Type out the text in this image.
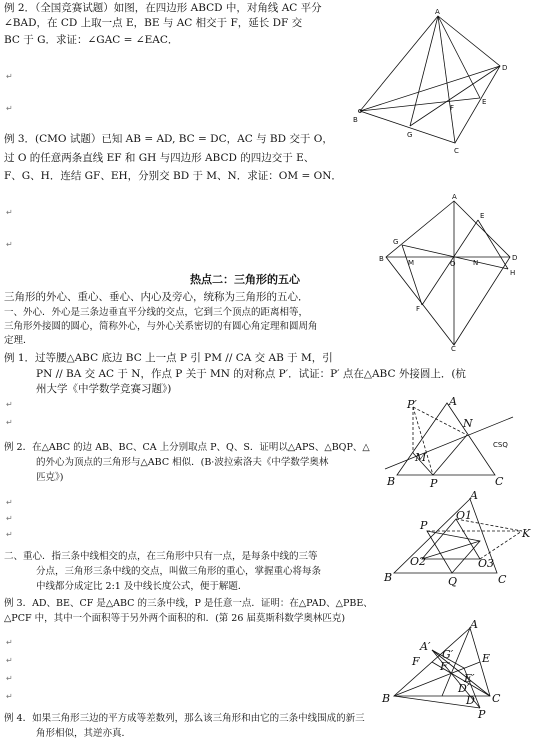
例 2．（全国竞赛试题）如图，在四边形 ABCD 中，对角线 AC 平分
∠BAD，在 CD 上取一点 E，BE 与 AC 相交于 F，延长 DF 交
BC 于 G．求证：∠GAC = ∠EAC．
↵
↵
A
B
D
F
E
G
C
例 3．(CMO 试题）已知 AB = AD, BC = DC，AC 与 BD 交于 O，
过 O 的任意两条直线 EF 和 GH 与四边形 ABCD 的四边交于 E、
F、G、H．连结 GF、EH，分别交 BD 于 M、N．求证：OM = ON．
↵
↵
A
E
G
B	M	O N
D
H
F
C
热点二：三角形的五心
三角形的外心、重心、垂心、内心及旁心，统称为三角形的五心．
一、外心．外心是三条边垂直平分线的交点，它到三个顶点的距离相等，
三角形外接圆的圆心，简称外心，与外心关系密切的有圆心角定理和圆周角
定理．
例 1．过等腰△ABC 底边 BC 上一点 P 引 PM // CA 交 AB 于 M，引
PN // BA 交 AC 于 N，作点 P 关于 MN 的对称点 P′．试证：P′ 点在△ABC 外接圆上．(杭
州大学《中学数学竞赛习题》)
↵
↵
P′	A
N
M
B	P	C
CSQ
例 2．在△ABC 的边 AB、BC、CA 上分别取点 P、Q、S．证明以△APS、△BQP、△
的外心为顶点的三角形与△ABC 相似．(B·波拉索洛夫《中学数学奥林
匹克》)
↵
↵
↵
A
P
O1
K
O2	O3
B	Q	C
二、重心．指三条中线相交的点，在三角形中只有一点，是每条中线的三等
分点，三角形三条中线的交点，叫做三角形的重心，掌握重心将每条
中线都分成定比 2:1 及中线长度公式，便于解题．
例 3．AD、BE、CF 是△ABC 的三条中线，P 是任意一点．证明：在△PAD、△PBE、
△PCF 中，其中一个面积等于另外两个面积的和．(第 26 届莫斯科数学奥林匹克)
↵
↵
↵
↵
A
A′
F
G′	E
F′
E′
D′
D
B	C
P
例 4．如果三角形三边的平方成等差数列，那么该三角形和由它的三条中线围成的新三
角形相似，其逆亦真．
